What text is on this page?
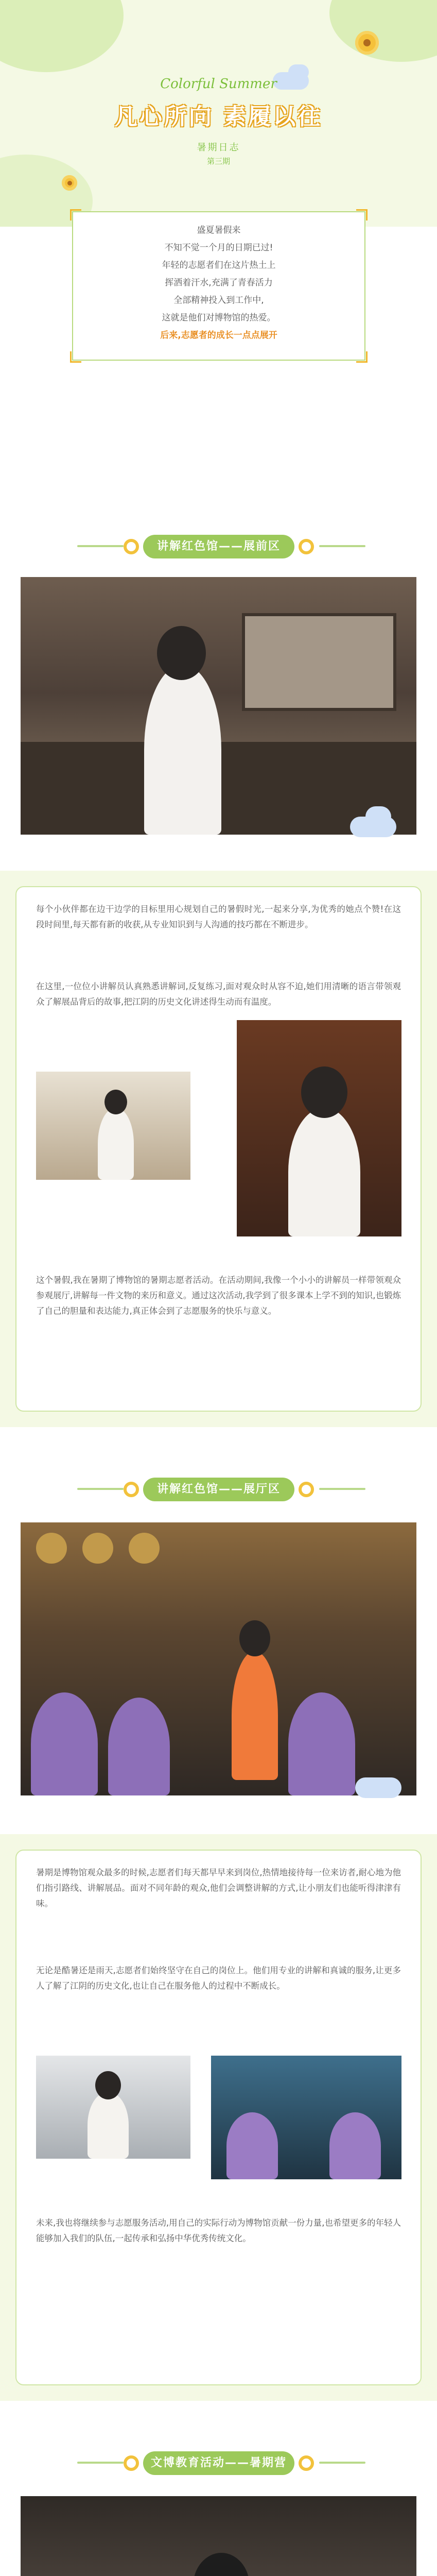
Colorful Summer
凡心所向 素履以往
暑期日志
第三期

盛夏暑假来

不知不觉一个月的日期已过!

年轻的志愿者们在这片热土上

挥洒着汗水,充满了青春活力

全部精神投入到工作中,

这就是他们对博物馆的热爱。

后来,志愿者的成长一点点展开

讲解红色馆——展前区
每个小伙伴都在边干边学的目标里用心规划自己的暑假时光,一起来分享,为优秀的她点个赞!在这段时间里,每天都有新的收获,从专业知识到与人沟通的技巧都在不断进步。
在这里,一位位小讲解员认真熟悉讲解词,反复练习,面对观众时从容不迫,她们用清晰的语言带领观众了解展品背后的故事,把江阴的历史文化讲述得生动而有温度。
这个暑假,我在暑期了博物馆的暑期志愿者活动。在活动期间,我像一个小小的讲解员一样带领观众参观展厅,讲解每一件文物的来历和意义。通过这次活动,我学到了很多课本上学不到的知识,也锻炼了自己的胆量和表达能力,真正体会到了志愿服务的快乐与意义。
讲解红色馆——展厅区
暑期是博物馆观众最多的时候,志愿者们每天都早早来到岗位,热情地接待每一位来访者,耐心地为他们指引路线、讲解展品。面对不同年龄的观众,他们会调整讲解的方式,让小朋友们也能听得津津有味。
无论是酷暑还是雨天,志愿者们始终坚守在自己的岗位上。他们用专业的讲解和真诚的服务,让更多人了解了江阴的历史文化,也让自己在服务他人的过程中不断成长。
未来,我也将继续参与志愿服务活动,用自己的实际行动为博物馆贡献一份力量,也希望更多的年轻人能够加入我们的队伍,一起传承和弘扬中华优秀传统文化。
文博教育活动——暑期营
